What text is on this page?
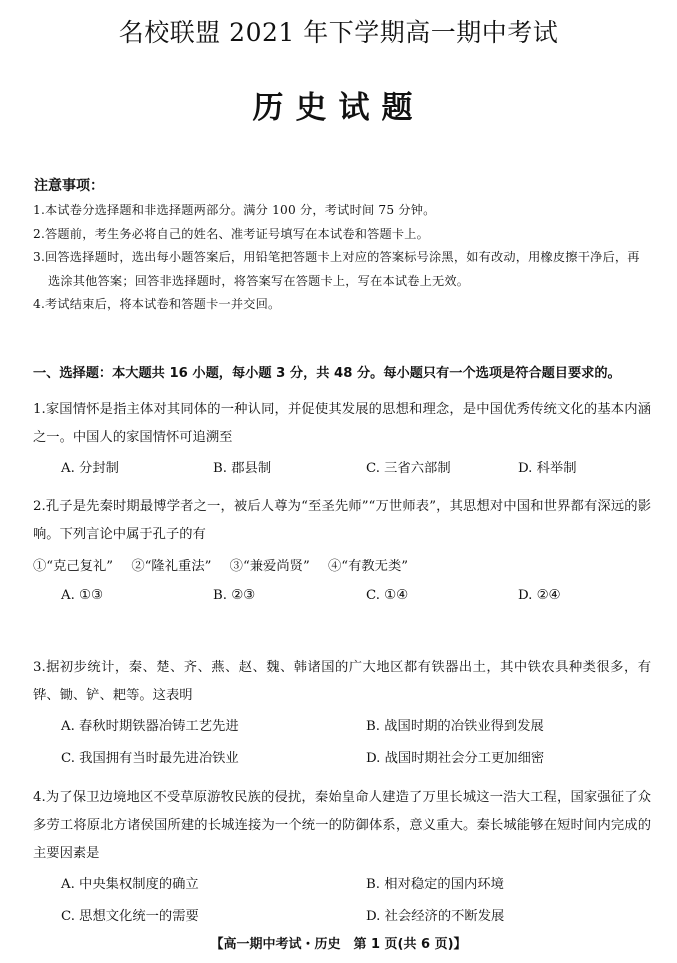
名校联盟 2021 年下学期高一期中考试
历史试题
注意事项：
1.本试卷分选择题和非选择题两部分。满分 100 分，考试时间 75 分钟。
2.答题前，考生务必将自己的姓名、准考证号填写在本试卷和答题卡上。
3.回答选择题时，选出每小题答案后，用铅笔把答题卡上对应的答案标号涂黑，如有改动，用橡皮擦干净后，再选涂其他答案；回答非选择题时，将答案写在答题卡上，写在本试卷上无效。
4.考试结束后，将本试卷和答题卡一并交回。
一、选择题：本大题共 16 小题，每小题 3 分，共 48 分。每小题只有一个选项是符合题目要求的。

1.家国情怀是指主体对其同体的一种认同，并促使其发展的思想和理念，是中国优秀传统文化的基本内涵之一。中国人的家国情怀可追溯至

A. 分封制	B. 郡县制	C. 三省六部制	D. 科举制

2.孔子是先秦时期最博学者之一，被后人尊为“至圣先师”“万世师表”，其思想对中国和世界都有深远的影响。下列言论中属于孔子的有

①“克己复礼” ②“隆礼重法” ③“兼爱尚贤” ④“有教无类”
A. ①③	B. ②③	C. ①④	D. ②④

3.据初步统计，秦、楚、齐、燕、赵、魏、韩诸国的广大地区都有铁器出土，其中铁农具种类很多，有铧、锄、铲、耙等。这表明

A. 春秋时期铁器冶铸工艺先进	B. 战国时期的冶铁业得到发展
C. 我国拥有当时最先进冶铁业	D. 战国时期社会分工更加细密

4.为了保卫边境地区不受草原游牧民族的侵扰，秦始皇命人建造了万里长城这一浩大工程，国家强征了众多劳工将原北方诸侯国所建的长城连接为一个统一的防御体系，意义重大。秦长城能够在短时间内完成的主要因素是

A. 中央集权制度的确立	B. 相对稳定的国内环境
C. 思想文化统一的需要	D. 社会经济的不断发展
【高一期中考试・历史　第 1 页(共 6 页)】
